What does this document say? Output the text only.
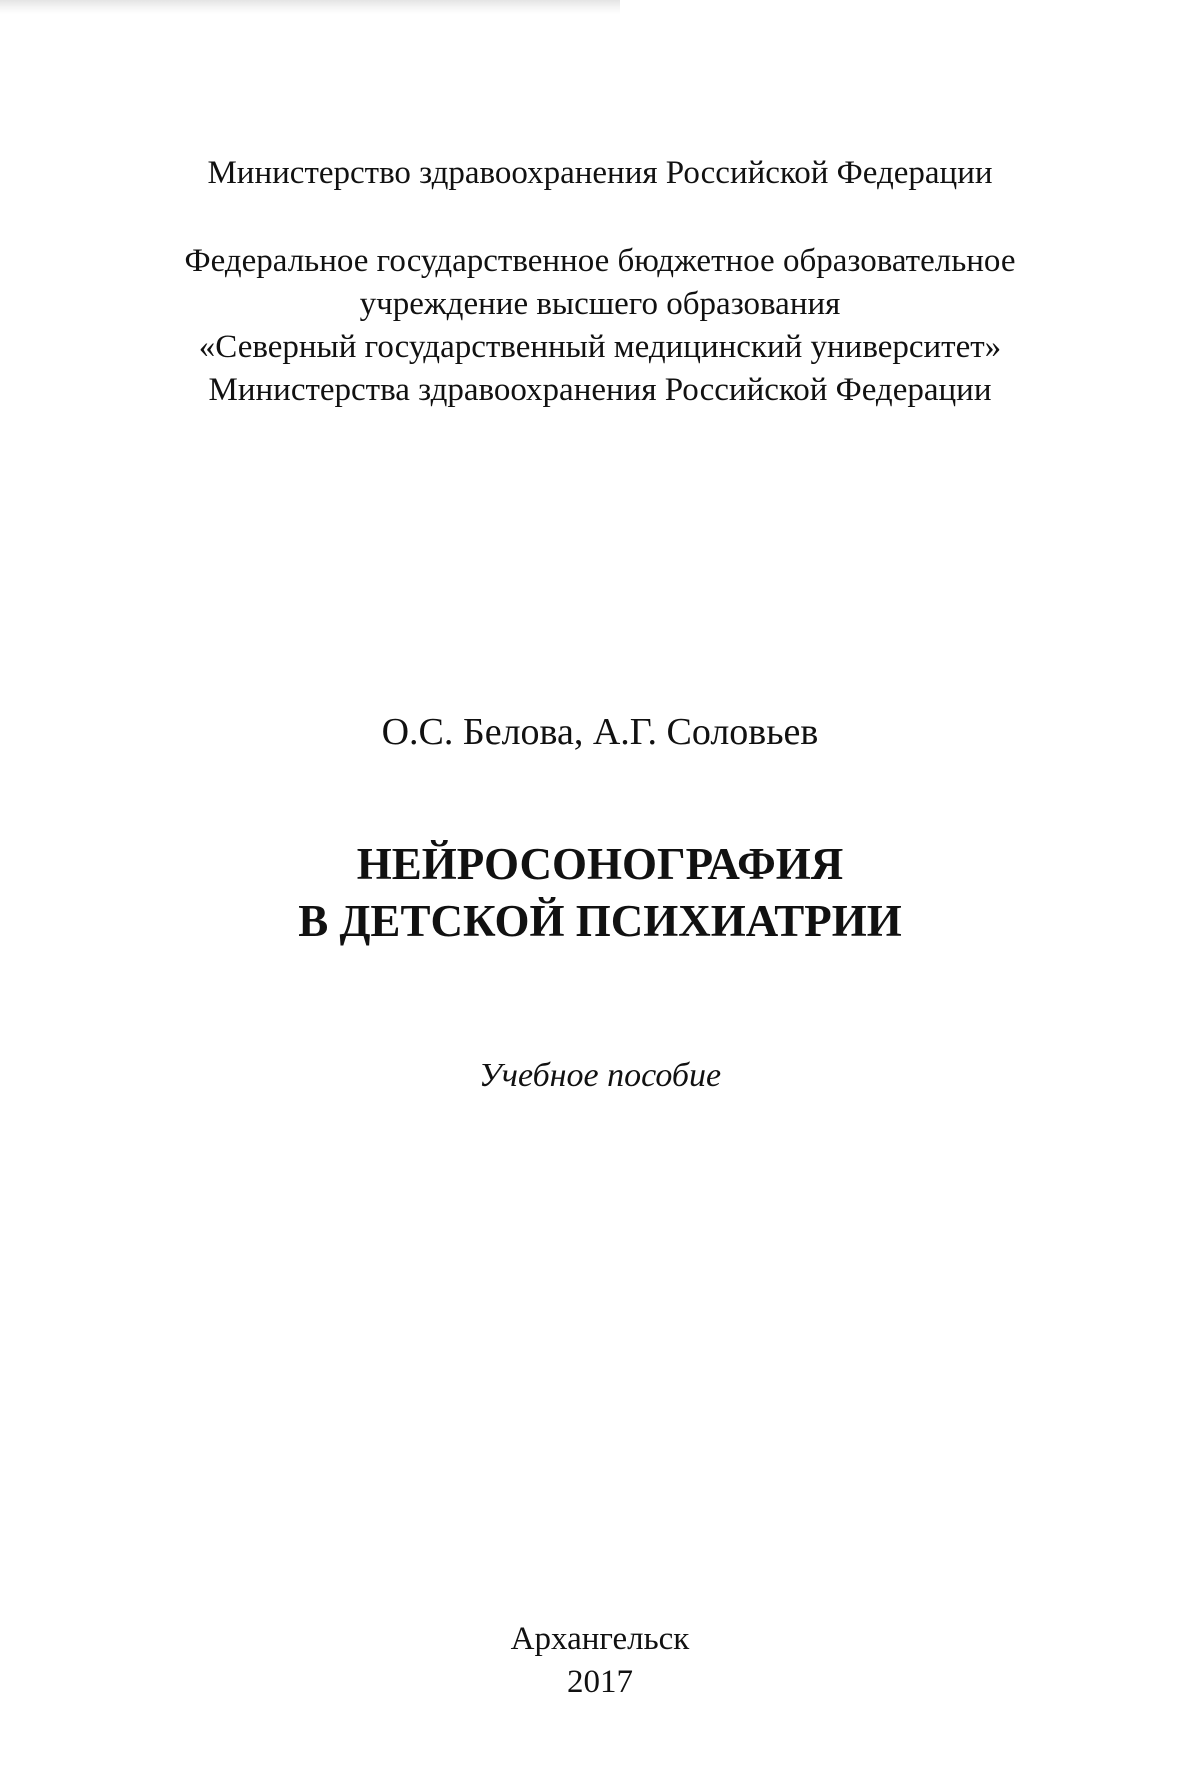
Министерство здравоохранения Российской Федерации
Федеральное государственное бюджетное образовательное
учреждение высшего образования
«Северный государственный медицинский университет»
Министерства здравоохранения Российской Федерации
О.С. Белова, А.Г. Соловьев
НЕЙРОСОНОГРАФИЯ
В ДЕТСКОЙ ПСИХИАТРИИ
Учебное пособие
Архангельск
2017
